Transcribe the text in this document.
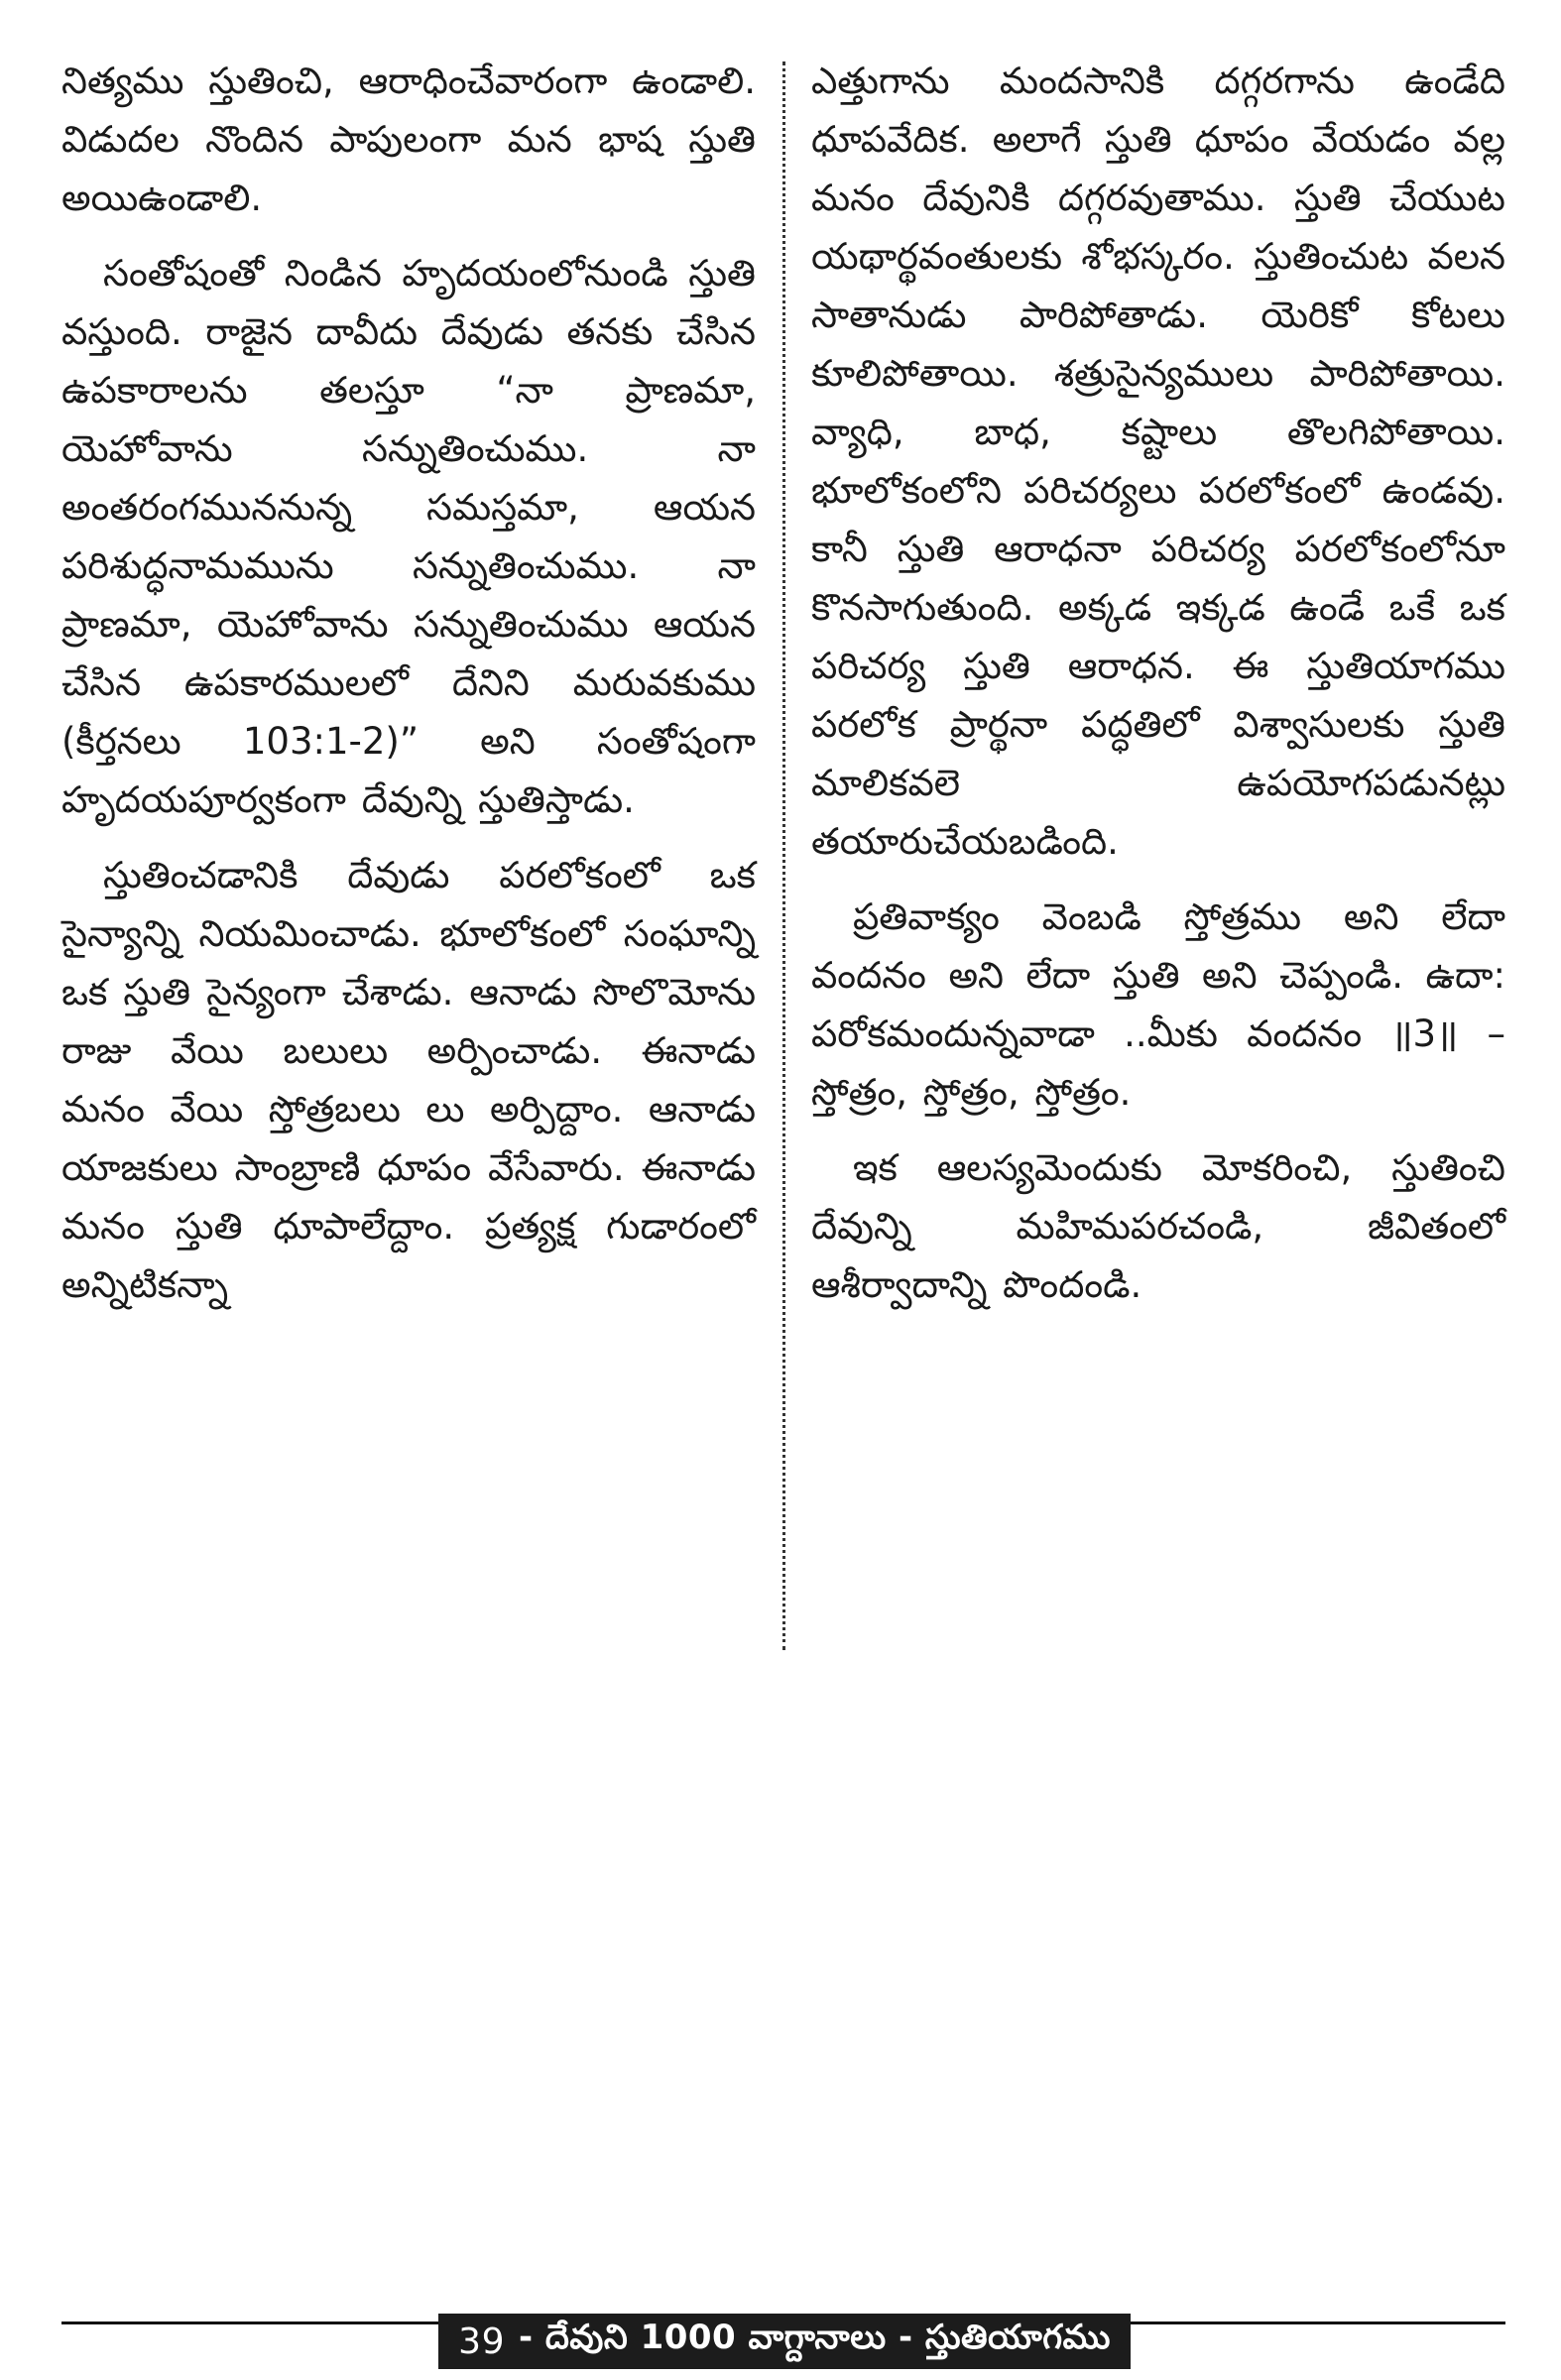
నిత్యము స్తుతించి, ఆరాధించేవారంగా ఉండాలి. విడుదల నొందిన పాపులంగా మన భాష స్తుతి అయిఉండాలి.

సంతోషంతో నిండిన హృదయంలోనుండి స్తుతి వస్తుంది. రాజైన దావీదు దేవుడు తనకు చేసిన ఉపకారాలను తలస్తూ “నా ప్రాణమా, యెహోవాను సన్నుతించుము. నా అంతరంగముననున్న సమస్తమా, ఆయన పరిశుద్ధనామమును సన్నుతించుము. నా ప్రాణమా, యెహోవాను సన్నుతించుము ఆయన చేసిన ఉపకారములలో దేనిని మరువకుము (కీర్తనలు 103:1-2)” అని సంతోషంగా హృదయపూర్వకంగా దేవున్ని స్తుతిస్తాడు.

స్తుతించడానికి దేవుడు పరలోకంలో ఒక సైన్యాన్ని నియమించాడు. భూలోకంలో సంఘాన్ని ఒక స్తుతి సైన్యంగా చేశాడు. ఆనాడు సొలొమోను రాజు వేయి బలులు అర్పించాడు. ఈనాడు మనం వేయి స్తోత్రబలు లు అర్పిద్దాం. ఆనాడు యాజకులు సాంబ్రాణి ధూపం వేసేవారు. ఈనాడు మనం స్తుతి ధూపాలేద్దాం. ప్రత్యక్ష గుడారంలో అన్నిటికన్నా

ఎత్తుగాను మందసానికి దగ్గరగాను ఉండేది ధూపవేదిక. అలాగే స్తుతి ధూపం వేయడం వల్ల మనం దేవునికి దగ్గరవుతాము. స్తుతి చేయుట యథార్థవంతులకు శోభస్కరం. స్తుతించుట వలన సాతానుడు పారిపోతాడు. యెరికో కోటలు కూలిపోతాయి. శత్రుసైన్యములు పారిపోతాయి. వ్యాధి, బాధ, కష్టాలు తొలగిపోతాయి. భూలోకంలోని పరిచర్యలు పరలోకంలో ఉండవు. కానీ స్తుతి ఆరాధనా పరిచర్య పరలోకంలోనూ కొనసాగుతుంది. అక్కడ ఇక్కడ ఉండే ఒకే ఒక పరిచర్య స్తుతి ఆరాధన. ఈ స్తుతియాగము పరలోక ప్రార్థనా పద్ధతిలో విశ్వాసులకు స్తుతి మాలికవలె ఉపయోగపడునట్లు తయారుచేయబడింది.

ప్రతివాక్యం వెంబడి స్తోత్రము అని లేదా వందనం అని లేదా స్తుతి అని చెప్పండి. ఉదా: పరోకమందున్నవాడా ..మీకు వందనం ॥3॥ – స్తోత్రం, స్తోత్రం, స్తోత్రం.

ఇక ఆలస్యమెందుకు మోకరించి, స్తుతించి దేవున్ని మహిమపరచండి, జీవితంలో ఆశీర్వాదాన్ని పొందండి.

39 - దేవుని 1000 వాగ్దానాలు - స్తుతియాగము
